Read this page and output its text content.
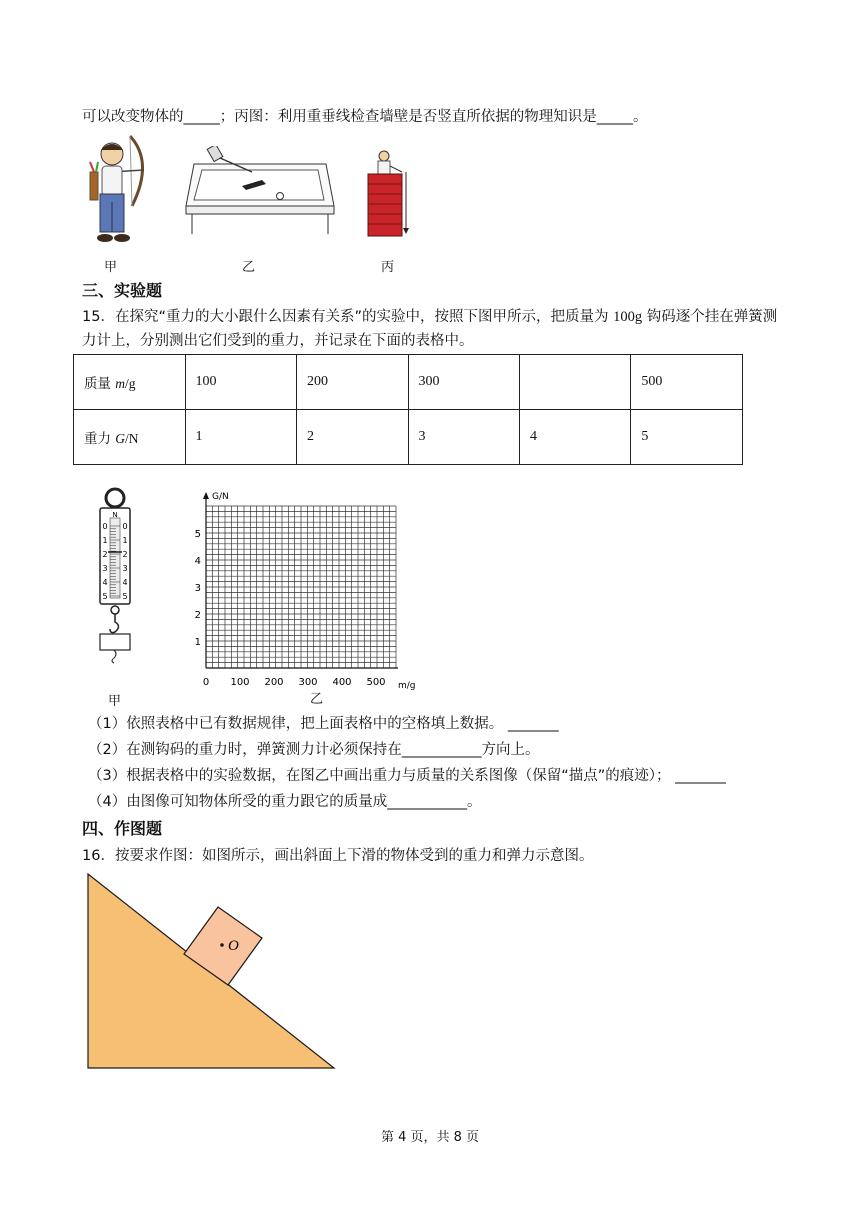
可以改变物体的_____；丙图：利用重垂线检查墙壁是否竖直所依据的物理知识是_____。
甲	乙	丙
三、实验题
15．在探究“重力的大小跟什么因素有关系”的实验中，按照下图甲所示，把质量为 100g 钩码逐个挂在弹簧测
力计上，分别测出它们受到的重力，并记录在下面的表格中。
质量 m/g	100	200	300		500
重力 G/N	1	2	3	4	5
N
0
1
2
3
4
5
0
1
2
3
4
5
甲
G/N
m/g
1
2
3
4
5
0 100 200 300 400 500
乙
（1）依照表格中已有数据规律，把上面表格中的空格填上数据。 _______
（2）在测钩码的重力时，弹簧测力计必须保持在___________方向上。
（3）根据表格中的实验数据，在图乙中画出重力与质量的关系图像（保留“描点”的痕迹）； _______
（4）由图像可知物体所受的重力跟它的质量成___________。
四、作图题
16．按要求作图：如图所示，画出斜面上下滑的物体受到的重力和弹力示意图。
O
第 4 页，共 8 页
